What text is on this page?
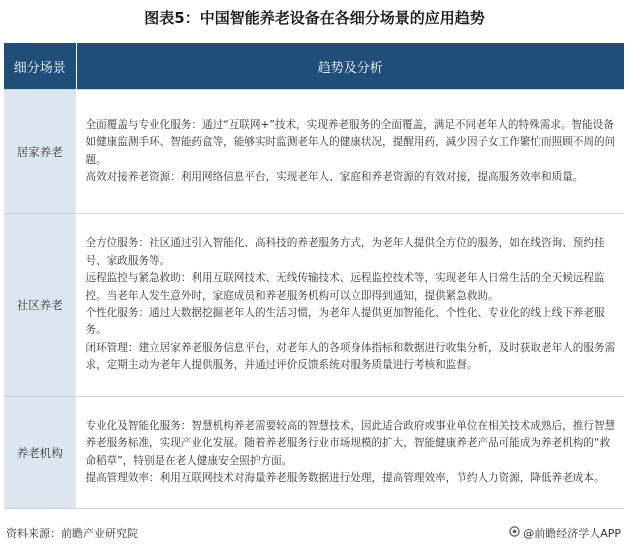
图表5：中国智能养老设备在各细分场景的应用趋势
细分场景	趋势及分析
居家养老	全面覆盖与专业化服务：通过“互联网+”技术，实现养老服务的全面覆盖，满足不同老年人的特殊需求。智能设备如健康监测手环、智能药盒等，能够实时监测老年人的健康状况，提醒用药，减少因子女工作繁忙而照顾不周的问题。

高效对接养老资源：利用网络信息平台，实现老年人、家庭和养老资源的有效对接，提高服务效率和质量。

社区养老	全方位服务：社区通过引入智能化、高科技的养老服务方式，为老年人提供全方位的服务，如在线咨询、预约挂号、家政服务等。

远程监控与紧急救助：利用互联网技术、无线传输技术、远程监控技术等，实现老年人日常生活的全天候远程监控。当老年人发生意外时，家庭成员和养老服务机构可以立即得到通知，提供紧急救助。

个性化服务：通过大数据挖掘老年人的生活习惯，为老年人提供更加智能化、个性化、专业化的线上线下养老服务。

闭环管理：建立居家养老服务信息平台，对老年人的各项身体指标和数据进行收集分析，及时获取老年人的服务需求，定期主动为老年人提供服务，并通过评价反馈系统对服务质量进行考核和监督。

养老机构	专业化及智能化服务：智慧机构养老需要较高的智慧技术，因此适合政府或事业单位在相关技术成熟后，推行智慧养老服务标准，实现产业化发展。随着养老服务行业市场规模的扩大，智能健康养老产品可能成为养老机构的“救命稻草”，特别是在老人健康安全照护方面。

提高管理效率：利用互联网技术对海量养老服务数据进行处理，提高管理效率，节约人力资源，降低养老成本。

资料来源：前瞻产业研究院	@前瞻经济学人APP
